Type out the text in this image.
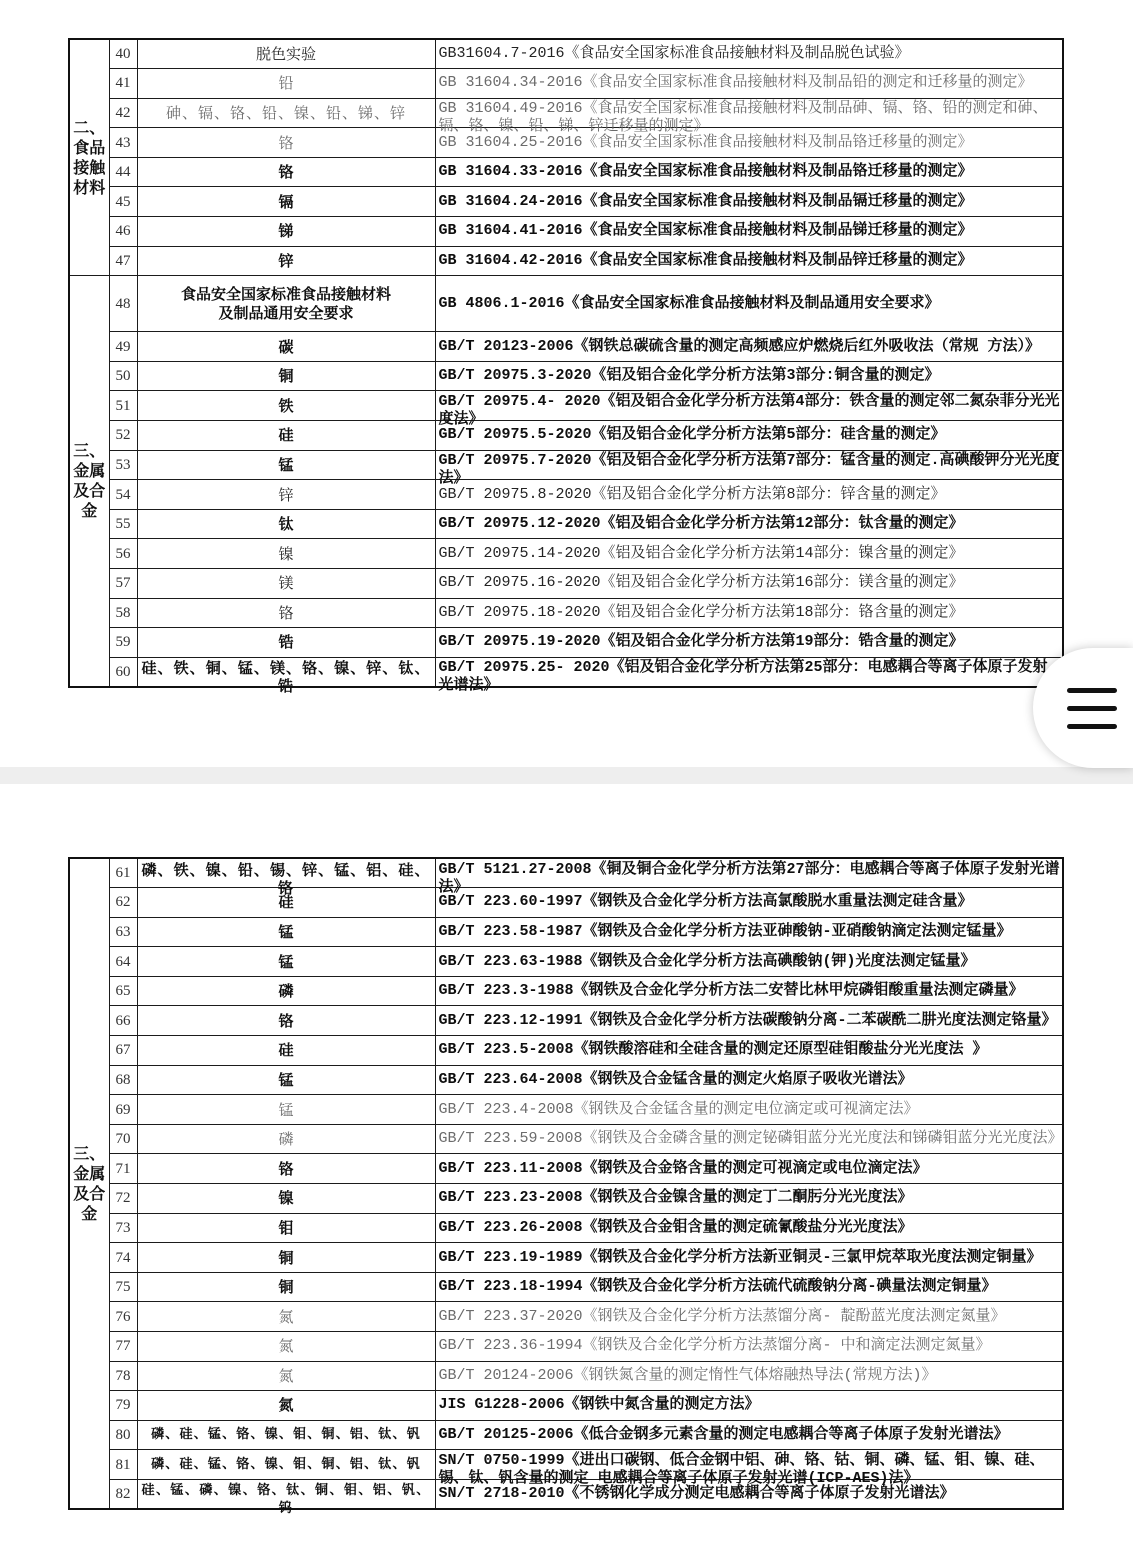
二、食品接触材料	40	脱色实验	GB31604.7-2016《食品安全国家标准食品接触材料及制品脱色试验》

	41	铅	GB 31604.34-2016《食品安全国家标准食品接触材料及制品铅的测定和迁移量的测定》

	42	砷、镉、铬、铅、镍、铅、锑、锌	GB 31604.49-2016《食品安全国家标准食品接触材料及制品砷、镉、铬、铅的测定和砷、镉、铬、镍、铅、锑、锌迁移量的测定》

	43	铬	GB 31604.25-2016《食品安全国家标准食品接触材料及制品铬迁移量的测定》

	44	铬	GB 31604.33-2016《食品安全国家标准食品接触材料及制品铬迁移量的测定》

	45	镉	GB 31604.24-2016《食品安全国家标准食品接触材料及制品镉迁移量的测定》

	46	锑	GB 31604.41-2016《食品安全国家标准食品接触材料及制品锑迁移量的测定》

	47	锌	GB 31604.42-2016《食品安全国家标准食品接触材料及制品锌迁移量的测定》

三、金属及合金	48	食品安全国家标准食品接触材料
及制品通用安全要求	GB 4806.1-2016《食品安全国家标准食品接触材料及制品通用安全要求》

	49	碳	GB/T 20123-2006《钢铁总碳硫含量的测定高频感应炉燃烧后红外吸收法（常规 方法）》

	50	铜	GB/T 20975.3-2020《铝及铝合金化学分析方法第3部分:铜含量的测定》

	51	铁	GB/T 20975.4- 2020《铝及铝合金化学分析方法第4部分：铁含量的测定邻二氮杂菲分光光度法》

	52	硅	GB/T 20975.5-2020《铝及铝合金化学分析方法第5部分：硅含量的测定》

	53	锰	GB/T 20975.7-2020《铝及铝合金化学分析方法第7部分：锰含量的测定.高碘酸钾分光光度法》

	54	锌	GB/T 20975.8-2020《铝及铝合金化学分析方法第8部分：锌含量的测定》

	55	钛	GB/T 20975.12-2020《铝及铝合金化学分析方法第12部分：钛含量的测定》

	56	镍	GB/T 20975.14-2020《铝及铝合金化学分析方法第14部分：镍含量的测定》

	57	镁	GB/T 20975.16-2020《铝及铝合金化学分析方法第16部分：镁含量的测定》

	58	铬	GB/T 20975.18-2020《铝及铝合金化学分析方法第18部分：铬含量的测定》

	59	锆	GB/T 20975.19-2020《铝及铝合金化学分析方法第19部分：锆含量的测定》

	60	硅、铁、铜、锰、镁、铬、镍、锌、钛、锆	GB/T 20975.25- 2020《铝及铝合金化学分析方法第25部分：电感耦合等离子体原子发射光谱法》
三、金属及合金	61	磷、铁、镍、铅、锡、锌、锰、铝、硅、铬	GB/T 5121.27-2008《铜及铜合金化学分析方法第27部分：电感耦合等离子体原子发射光谱法》

	62	硅	GB/T 223.60-1997《钢铁及合金化学分析方法高氯酸脱水重量法测定硅含量》

	63	锰	GB/T 223.58-1987《钢铁及合金化学分析方法亚砷酸钠-亚硝酸钠滴定法测定锰量》

	64	锰	GB/T 223.63-1988《钢铁及合金化学分析方法高碘酸钠(钾)光度法测定锰量》

	65	磷	GB/T 223.3-1988《钢铁及合金化学分析方法二安替比林甲烷磷钼酸重量法测定磷量》

	66	铬	GB/T 223.12-1991《钢铁及合金化学分析方法碳酸钠分离-二苯碳酰二肼光度法测定铬量》

	67	硅	GB/T 223.5-2008《钢铁酸溶硅和全硅含量的测定还原型硅钼酸盐分光光度法 》

	68	锰	GB/T 223.64-2008《钢铁及合金锰含量的测定火焰原子吸收光谱法》

	69	锰	GB/T 223.4-2008《钢铁及合金锰含量的测定电位滴定或可视滴定法》

	70	磷	GB/T 223.59-2008《钢铁及合金磷含量的测定铋磷钼蓝分光光度法和锑磷钼蓝分光光度法》

	71	铬	GB/T 223.11-2008《钢铁及合金铬含量的测定可视滴定或电位滴定法》

	72	镍	GB/T 223.23-2008《钢铁及合金镍含量的测定丁二酮肟分光光度法》

	73	钼	GB/T 223.26-2008《钢铁及合金钼含量的测定硫氰酸盐分光光度法》

	74	铜	GB/T 223.19-1989《钢铁及合金化学分析方法新亚铜灵-三氯甲烷萃取光度法测定铜量》

	75	铜	GB/T 223.18-1994《钢铁及合金化学分析方法硫代硫酸钠分离-碘量法测定铜量》

	76	氮	GB/T 223.37-2020《钢铁及合金化学分析方法蒸馏分离- 靛酚蓝光度法测定氮量》

	77	氮	GB/T 223.36-1994《钢铁及合金化学分析方法蒸馏分离- 中和滴定法测定氮量》

	78	氮	GB/T 20124-2006《钢铁氮含量的测定惰性气体熔融热导法(常规方法)》

	79	氮	JIS G1228-2006《钢铁中氮含量的测定方法》

	80	磷、硅、锰、铬、镍、钼、铜、铝、钛、钒	GB/T 20125-2006《低合金钢多元素含量的测定电感耦合等离子体原子发射光谱法》

	81	磷、硅、锰、铬、镍、钼、铜、铝、钛、钒	SN/T 0750-1999《进出口碳钢、低合金钢中铝、砷、铬、钴、铜、磷、锰、钼、镍、硅、锡、钛、钒含量的测定 电感耦合等离子体原子发射光谱(ICP-AES)法》

	82	硅、锰、磷、镍、铬、钛、铜、钼、铝、钒、钨	SN/T 2718-2010《不锈钢化学成分测定电感耦合等离子体原子发射光谱法》
